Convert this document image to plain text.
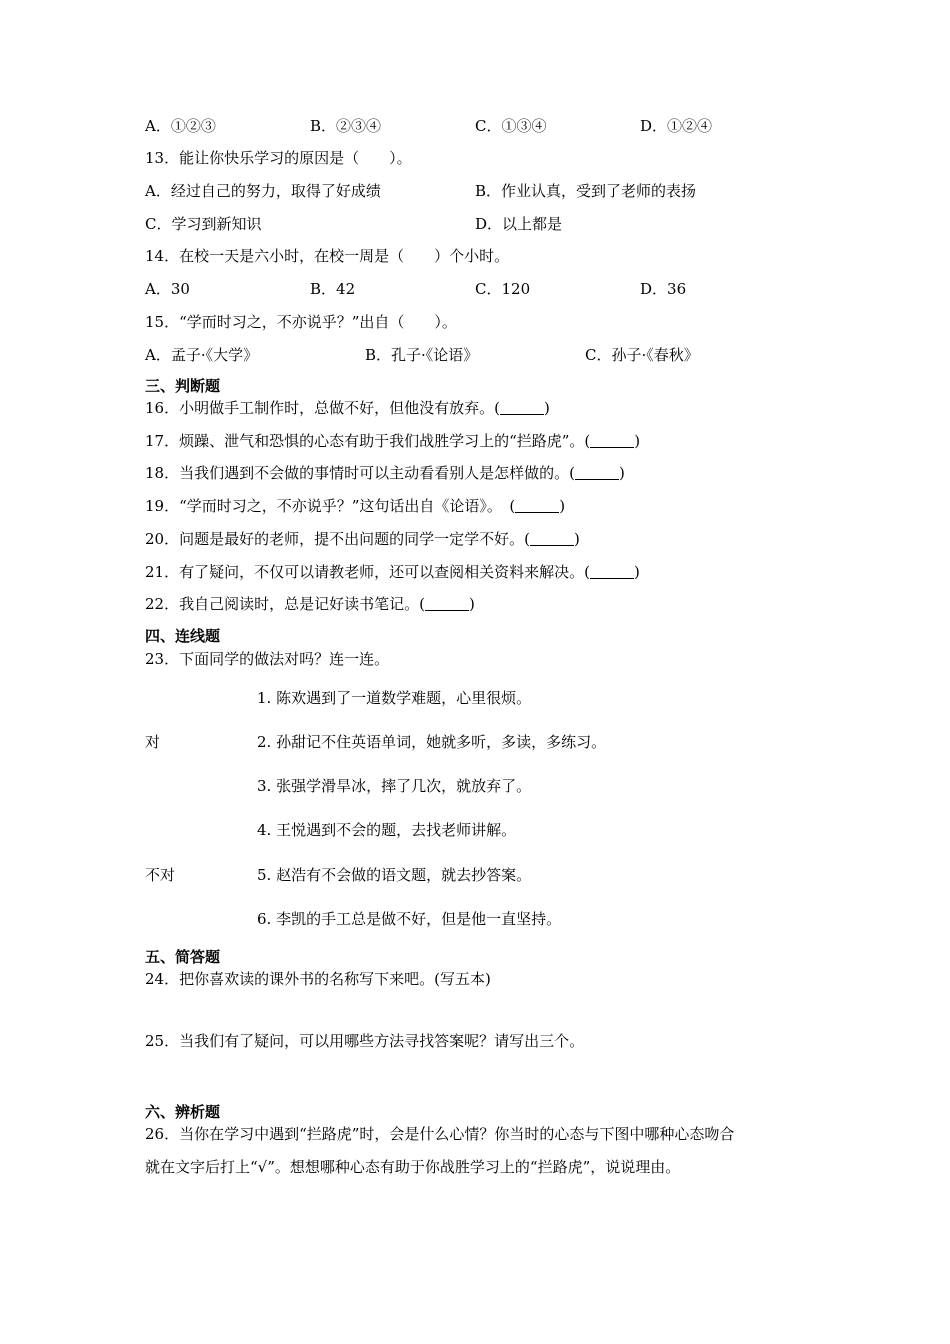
A．①②③	B．②③④	C．①③④	D．①②④
13．能让你快乐学习的原因是（　　）。
A．经过自己的努力，取得了好成绩	B．作业认真，受到了老师的表扬
C．学习到新知识	D．以上都是
14．在校一天是六小时，在校一周是（　　）个小时。
A．30	B．42	C．120	D．36
15．“学而时习之，不亦说乎？”出自（　　）。
A．孟子·《大学》	B．孔子·《论语》	C．孙子·《春秋》
三、判断题
16．小明做手工制作时，总做不好，但他没有放弃。(	)
17．烦躁、泄气和恐惧的心态有助于我们战胜学习上的“拦路虎”。(	)
18．当我们遇到不会做的事情时可以主动看看别人是怎样做的。(	)
19．“学而时习之，不亦说乎？”这句话出自《论语》。　(	)
20．问题是最好的老师，提不出问题的同学一定学不好。(	)
21．有了疑问，不仅可以请教老师，还可以查阅相关资料来解决。(	)
22．我自己阅读时，总是记好读书笔记。(	)
四、连线题
23．下面同学的做法对吗？连一连。
1. 陈欢遇到了一道数学难题，心里很烦。
对	2. 孙甜记不住英语单词，她就多听，多读，多练习。
3. 张强学滑旱冰，摔了几次，就放弃了。
4. 王悦遇到不会的题，去找老师讲解。
不对	5. 赵浩有不会做的语文题，就去抄答案。
6. 李凯的手工总是做不好，但是他一直坚持。
五、简答题
24．把你喜欢读的课外书的名称写下来吧。(写五本)
25．当我们有了疑问，可以用哪些方法寻找答案呢？请写出三个。
六、辨析题
26．当你在学习中遇到“拦路虎”时，会是什么心情？你当时的心态与下图中哪种心态吻合
就在文字后打上“√”。想想哪种心态有助于你战胜学习上的“拦路虎”，说说理由。
